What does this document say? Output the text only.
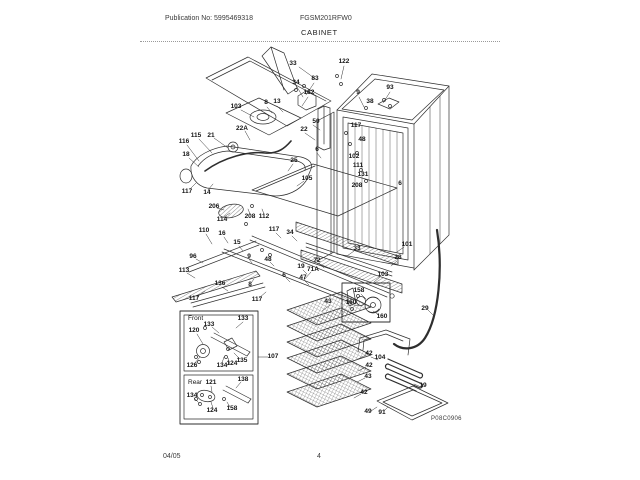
Publication No: 5995469318	FGSM201RFW0
CABINET
33	122
83
34
182
93
9
38
13
8
103
50
22
22A
21
115
116
6
117
48
102
111
131
208	6
18
25
105
117 14
206
114	208 112
117 34
110 16
15
96
113
9 48
8
19
47
6
71A
72
33
101
28
103
136
117	117	43
158
160
160
29
104
42
42
43
42
49 91
19
107
133
133
120
135
124
134
126
121	138
134
124 158
Front
Rear
P08C0906
04/05	4
